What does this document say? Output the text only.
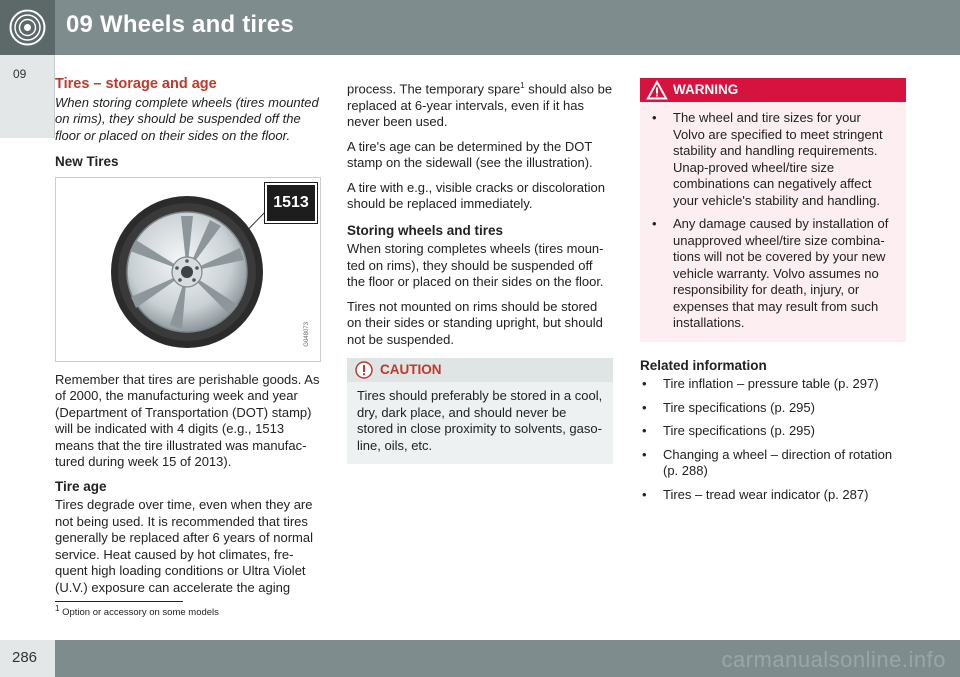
09 Wheels and tires
09
Tires – storage and age
When storing complete wheels (tires mounted on rims), they should be suspended off the floor or placed on their sides on the floor.
New Tires
1513
G048073

Remember that tires are perishable goods. As of 2000, the manufacturing week and year (Department of Transportation (DOT) stamp) will be indicated with 4 digits (e.g., 1513 means that the tire illustrated was manufac-tured during week 15 of 2013).

Tire age

Tires degrade over time, even when they are not being used. It is recommended that tires generally be replaced after 6 years of normal service. Heat caused by hot climates, fre-quent high loading conditions or Ultra Violet (U.V.) exposure can accelerate the aging

process. The temporary spare$^1$ should also be replaced at 6-year intervals, even if it has never been used.

A tire's age can be determined by the DOT stamp on the sidewall (see the illustration).

A tire with e.g., visible cracks or discoloration should be replaced immediately.

Storing wheels and tires

When storing completes wheels (tires moun-ted on rims), they should be suspended off the floor or placed on their sides on the floor.

Tires not mounted on rims should be stored on their sides or standing upright, but should not be suspended.

CAUTION
Tires should preferably be stored in a cool, dry, dark place, and should never be stored in close proximity to solvents, gaso-line, oils, etc.
WARNING
• The wheel and tire sizes for your Volvo are specified to meet stringent stability and handling requirements. Unap-proved wheel/tire size combinations can negatively affect your vehicle's stability and handling.
• Any damage caused by installation of unapproved wheel/tire size combina-tions will not be covered by your new vehicle warranty. Volvo assumes no responsibility for death, injury, or expenses that may result from such installations.
Related information
• Tire inflation – pressure table (p. 297)
• Tire specifications (p. 295)
• Tire specifications (p. 295)
• Changing a wheel – direction of rotation (p. 288)
• Tires – tread wear indicator (p. 287)
$^1$ Option or accessory on some models
286	carmanualsonline.info
